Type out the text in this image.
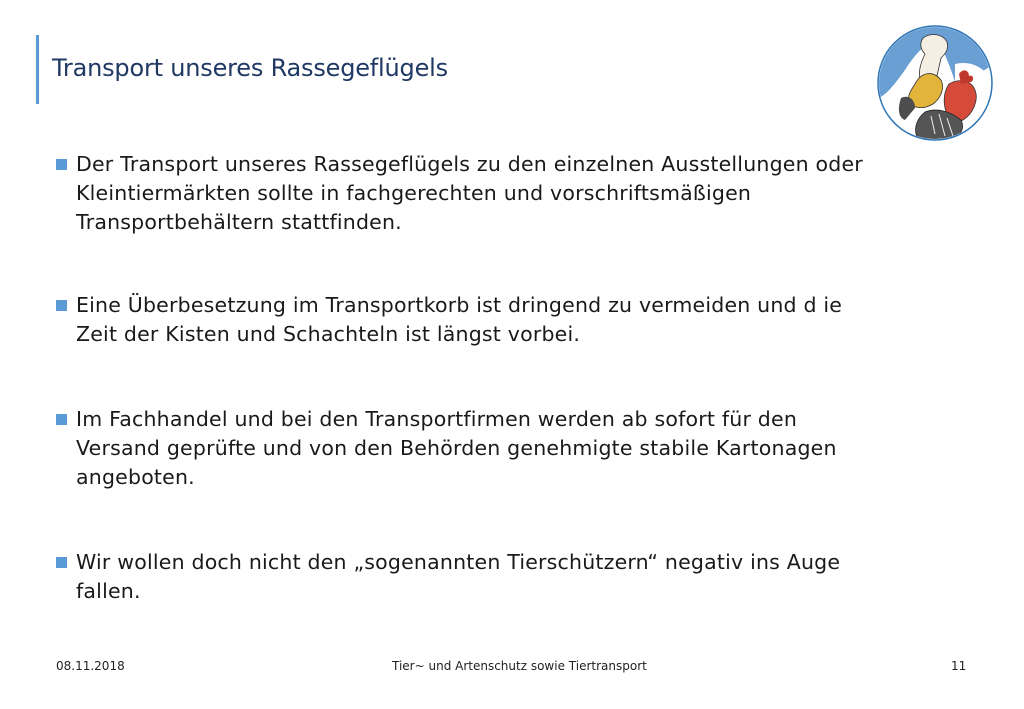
Transport unseres Rassegeflügels
Der Transport unseres Rassegeflügels zu den einzelnen Ausstellungen oder
Kleintiermärkten sollte in fachgerechten und vorschriftsmäßigen
Transportbehältern stattfinden.
Eine Überbesetzung im Transportkorb ist dringend zu vermeiden und d ie
Zeit der Kisten und Schachteln ist längst vorbei.
Im Fachhandel und bei den Transportfirmen werden ab sofort für den
Versand geprüfte und von den Behörden genehmigte stabile Kartonagen
angeboten.
Wir wollen doch nicht den „sogenannten Tierschützern“ negativ ins Auge
fallen.
08.11.2018	Tier~ und Artenschutz sowie Tiertransport	11
